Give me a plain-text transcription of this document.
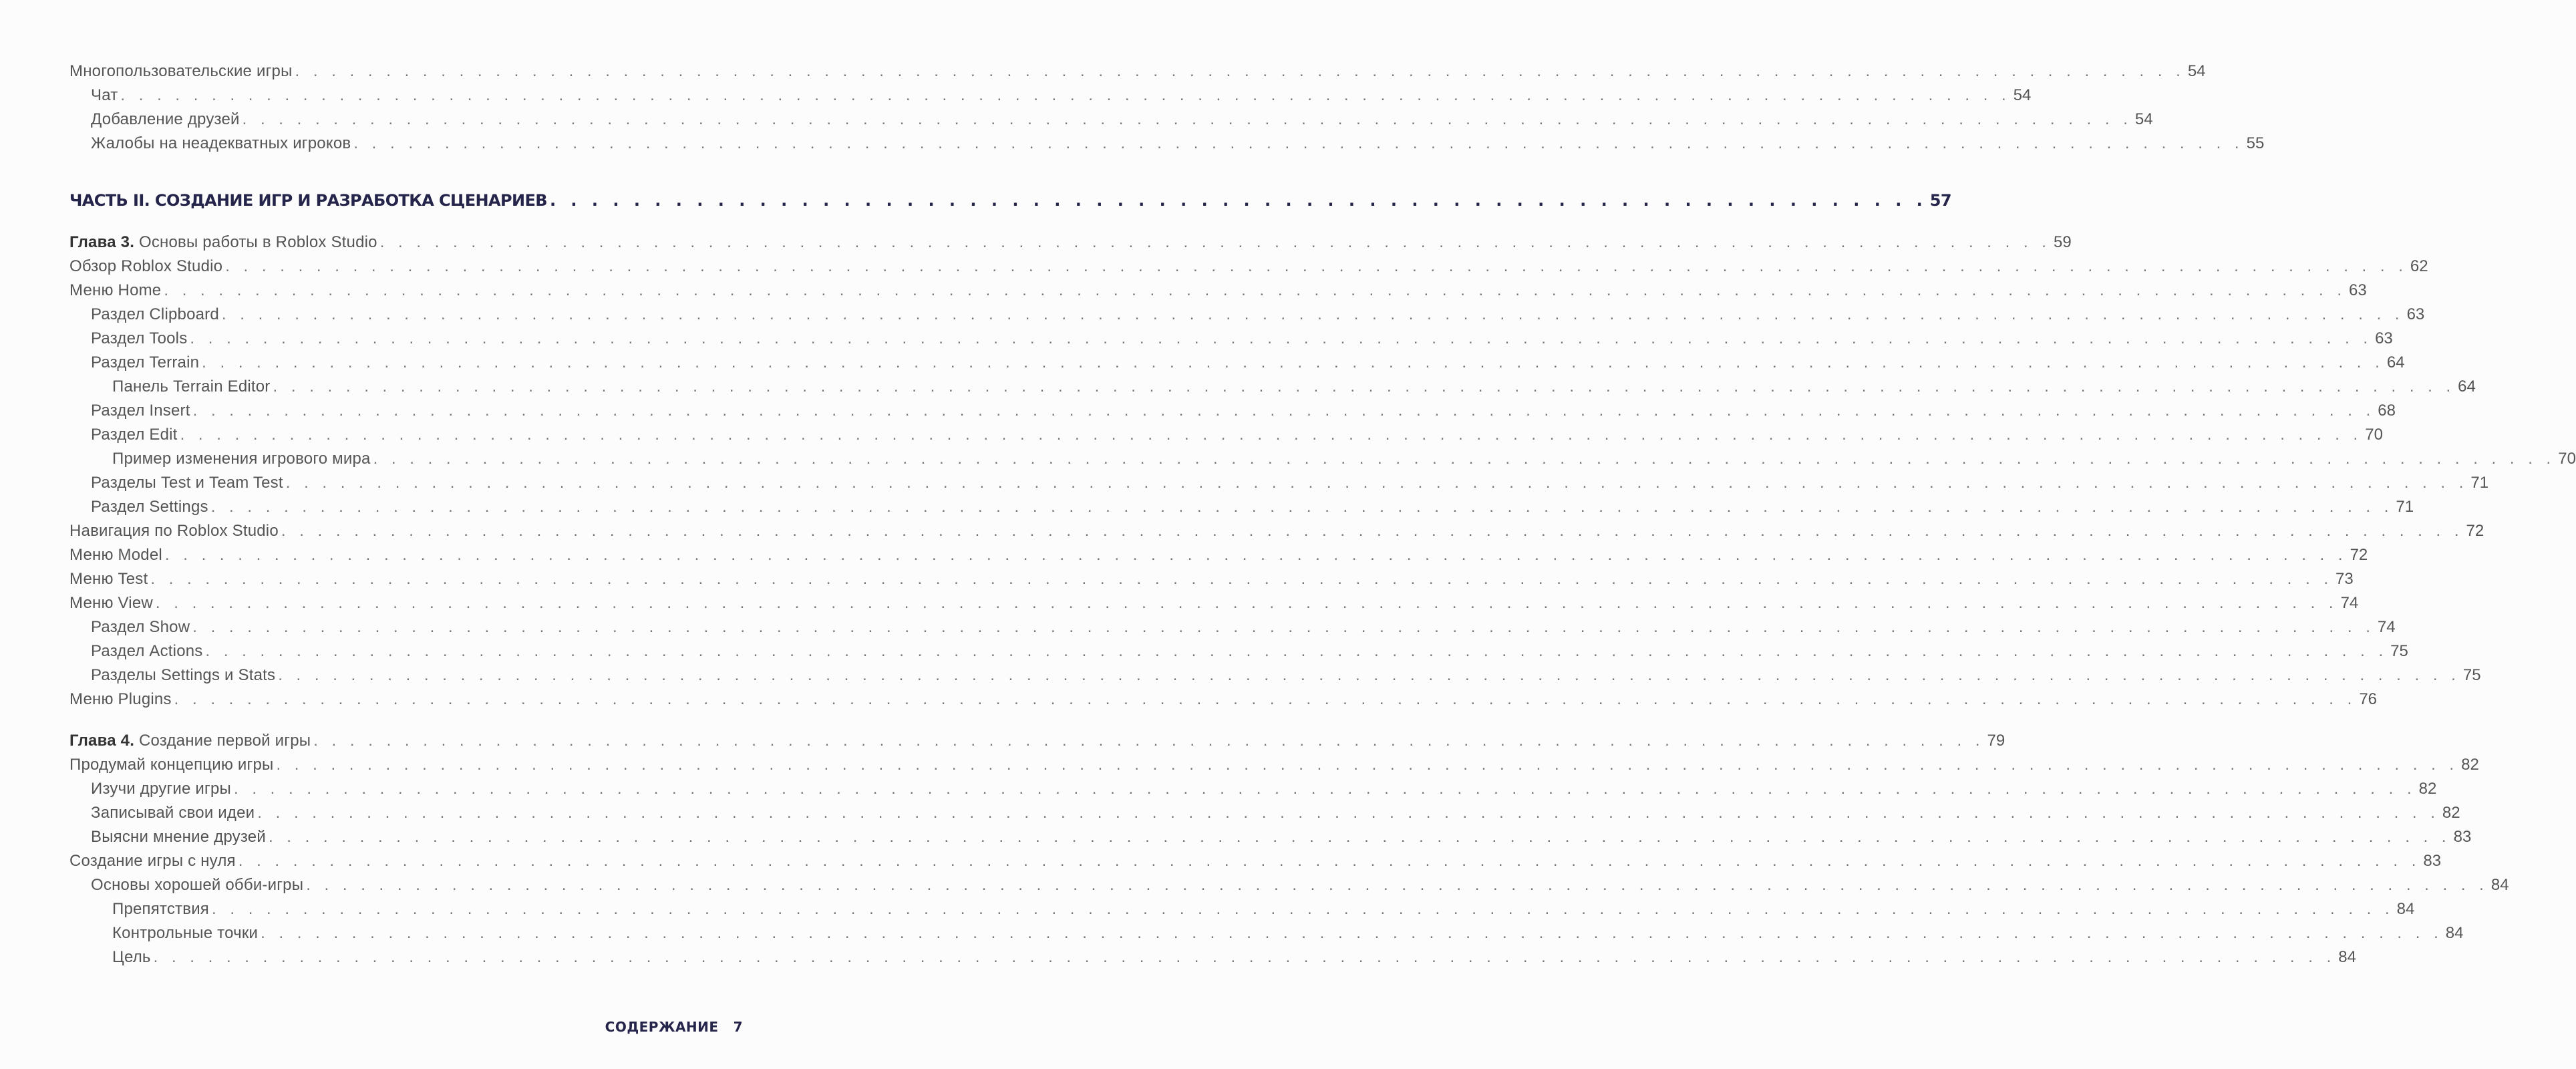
Многопользовательские игры . . . . . . . . . . . . . . . . . . . . . . . . . . . . . . . . . . . . . . . . . . . . . . . . . . . . . . . . . . . . . . . . . . . . . . . . . . . . . . . . . . . . . . . . . . . . . . . . . . . . . . . . 54
Чат . . . . . . . . . . . . . . . . . . . . . . . . . . . . . . . . . . . . . . . . . . . . . . . . . . . . . . . . . . . . . . . . . . . . . . . . . . . . . . . . . . . . . . . . . . . . . . . . . . . . . . . . 54
Добавление друзей . . . . . . . . . . . . . . . . . . . . . . . . . . . . . . . . . . . . . . . . . . . . . . . . . . . . . . . . . . . . . . . . . . . . . . . . . . . . . . . . . . . . . . . . . . . . . . . . . . . . . . . . 54
Жалобы на неадекватных игроков . . . . . . . . . . . . . . . . . . . . . . . . . . . . . . . . . . . . . . . . . . . . . . . . . . . . . . . . . . . . . . . . . . . . . . . . . . . . . . . . . . . . . . . . . . . . . . . . . . . . . . . . 55
ЧАСТЬ II. СОЗДАНИЕ ИГР И РАЗРАБОТКА СЦЕНАРИЕВ . . . . . . . . . . . . . . . . . . . . . . . . . . . . . . . . . . . . . . . . . . . . . . . . . . . . . . . . . . . . . . . . . . 57
Глава 3. Основы работы в Roblox Studio . . . . . . . . . . . . . . . . . . . . . . . . . . . . . . . . . . . . . . . . . . . . . . . . . . . . . . . . . . . . . . . . . . . . . . . . . . . . . . . . . . . . . . . . . . . . 59
Обзор Roblox Studio . . . . . . . . . . . . . . . . . . . . . . . . . . . . . . . . . . . . . . . . . . . . . . . . . . . . . . . . . . . . . . . . . . . . . . . . . . . . . . . . . . . . . . . . . . . . . . . . . . . . . . . . . . . . . . . . . . . . . . . . 62
Меню Home . . . . . . . . . . . . . . . . . . . . . . . . . . . . . . . . . . . . . . . . . . . . . . . . . . . . . . . . . . . . . . . . . . . . . . . . . . . . . . . . . . . . . . . . . . . . . . . . . . . . . . . . . . . . . . . . . . . . . . . . 63
Раздел Clipboard . . . . . . . . . . . . . . . . . . . . . . . . . . . . . . . . . . . . . . . . . . . . . . . . . . . . . . . . . . . . . . . . . . . . . . . . . . . . . . . . . . . . . . . . . . . . . . . . . . . . . . . . . . . . . . . . . . . . . . . . 63
Раздел Tools . . . . . . . . . . . . . . . . . . . . . . . . . . . . . . . . . . . . . . . . . . . . . . . . . . . . . . . . . . . . . . . . . . . . . . . . . . . . . . . . . . . . . . . . . . . . . . . . . . . . . . . . . . . . . . . . . . . . . . . . 63
Раздел Terrain . . . . . . . . . . . . . . . . . . . . . . . . . . . . . . . . . . . . . . . . . . . . . . . . . . . . . . . . . . . . . . . . . . . . . . . . . . . . . . . . . . . . . . . . . . . . . . . . . . . . . . . . . . . . . . . . . . . . . . . . 64
Панель Terrain Editor . . . . . . . . . . . . . . . . . . . . . . . . . . . . . . . . . . . . . . . . . . . . . . . . . . . . . . . . . . . . . . . . . . . . . . . . . . . . . . . . . . . . . . . . . . . . . . . . . . . . . . . . . . . . . . . . . . . . . . . . 64
Раздел Insert . . . . . . . . . . . . . . . . . . . . . . . . . . . . . . . . . . . . . . . . . . . . . . . . . . . . . . . . . . . . . . . . . . . . . . . . . . . . . . . . . . . . . . . . . . . . . . . . . . . . . . . . . . . . . . . . . . . . . . . . 68
Раздел Edit . . . . . . . . . . . . . . . . . . . . . . . . . . . . . . . . . . . . . . . . . . . . . . . . . . . . . . . . . . . . . . . . . . . . . . . . . . . . . . . . . . . . . . . . . . . . . . . . . . . . . . . . . . . . . . . . . . . . . . . . 70
Пример изменения игрового мира . . . . . . . . . . . . . . . . . . . . . . . . . . . . . . . . . . . . . . . . . . . . . . . . . . . . . . . . . . . . . . . . . . . . . . . . . . . . . . . . . . . . . . . . . . . . . . . . . . . . . . . . . . . . . . . . . . . . . . . . 70
Разделы Test и Team Test . . . . . . . . . . . . . . . . . . . . . . . . . . . . . . . . . . . . . . . . . . . . . . . . . . . . . . . . . . . . . . . . . . . . . . . . . . . . . . . . . . . . . . . . . . . . . . . . . . . . . . . . . . . . . . . . . . . . . . . . 71
Раздел Settings . . . . . . . . . . . . . . . . . . . . . . . . . . . . . . . . . . . . . . . . . . . . . . . . . . . . . . . . . . . . . . . . . . . . . . . . . . . . . . . . . . . . . . . . . . . . . . . . . . . . . . . . . . . . . . . . . . . . . . . . 71
Навигация по Roblox Studio . . . . . . . . . . . . . . . . . . . . . . . . . . . . . . . . . . . . . . . . . . . . . . . . . . . . . . . . . . . . . . . . . . . . . . . . . . . . . . . . . . . . . . . . . . . . . . . . . . . . . . . . . . . . . . . . . . . . . . . . 72
Меню Model . . . . . . . . . . . . . . . . . . . . . . . . . . . . . . . . . . . . . . . . . . . . . . . . . . . . . . . . . . . . . . . . . . . . . . . . . . . . . . . . . . . . . . . . . . . . . . . . . . . . . . . . . . . . . . . . . . . . . . . . 72
Меню Test . . . . . . . . . . . . . . . . . . . . . . . . . . . . . . . . . . . . . . . . . . . . . . . . . . . . . . . . . . . . . . . . . . . . . . . . . . . . . . . . . . . . . . . . . . . . . . . . . . . . . . . . . . . . . . . . . . . . . . . . 73
Меню View . . . . . . . . . . . . . . . . . . . . . . . . . . . . . . . . . . . . . . . . . . . . . . . . . . . . . . . . . . . . . . . . . . . . . . . . . . . . . . . . . . . . . . . . . . . . . . . . . . . . . . . . . . . . . . . . . . . . . . . . 74
Раздел Show . . . . . . . . . . . . . . . . . . . . . . . . . . . . . . . . . . . . . . . . . . . . . . . . . . . . . . . . . . . . . . . . . . . . . . . . . . . . . . . . . . . . . . . . . . . . . . . . . . . . . . . . . . . . . . . . . . . . . . . . 74
Раздел Actions . . . . . . . . . . . . . . . . . . . . . . . . . . . . . . . . . . . . . . . . . . . . . . . . . . . . . . . . . . . . . . . . . . . . . . . . . . . . . . . . . . . . . . . . . . . . . . . . . . . . . . . . . . . . . . . . . . . . . . . . 75
Разделы Settings и Stats . . . . . . . . . . . . . . . . . . . . . . . . . . . . . . . . . . . . . . . . . . . . . . . . . . . . . . . . . . . . . . . . . . . . . . . . . . . . . . . . . . . . . . . . . . . . . . . . . . . . . . . . . . . . . . . . . . . . . . . . 75
Меню Plugins . . . . . . . . . . . . . . . . . . . . . . . . . . . . . . . . . . . . . . . . . . . . . . . . . . . . . . . . . . . . . . . . . . . . . . . . . . . . . . . . . . . . . . . . . . . . . . . . . . . . . . . . . . . . . . . . . . . . . . . . 76
Глава 4. Создание первой игры . . . . . . . . . . . . . . . . . . . . . . . . . . . . . . . . . . . . . . . . . . . . . . . . . . . . . . . . . . . . . . . . . . . . . . . . . . . . . . . . . . . . . . . . . . . . 79
Продумай концепцию игры . . . . . . . . . . . . . . . . . . . . . . . . . . . . . . . . . . . . . . . . . . . . . . . . . . . . . . . . . . . . . . . . . . . . . . . . . . . . . . . . . . . . . . . . . . . . . . . . . . . . . . . . . . . . . . . . . . . . . . . . 82
Изучи другие игры . . . . . . . . . . . . . . . . . . . . . . . . . . . . . . . . . . . . . . . . . . . . . . . . . . . . . . . . . . . . . . . . . . . . . . . . . . . . . . . . . . . . . . . . . . . . . . . . . . . . . . . . . . . . . . . . . . . . . . . . 82
Записывай свои идеи . . . . . . . . . . . . . . . . . . . . . . . . . . . . . . . . . . . . . . . . . . . . . . . . . . . . . . . . . . . . . . . . . . . . . . . . . . . . . . . . . . . . . . . . . . . . . . . . . . . . . . . . . . . . . . . . . . . . . . . . 82
Выясни мнение друзей . . . . . . . . . . . . . . . . . . . . . . . . . . . . . . . . . . . . . . . . . . . . . . . . . . . . . . . . . . . . . . . . . . . . . . . . . . . . . . . . . . . . . . . . . . . . . . . . . . . . . . . . . . . . . . . . . . . . . . . . 83
Создание игры с нуля . . . . . . . . . . . . . . . . . . . . . . . . . . . . . . . . . . . . . . . . . . . . . . . . . . . . . . . . . . . . . . . . . . . . . . . . . . . . . . . . . . . . . . . . . . . . . . . . . . . . . . . . . . . . . . . . . . . . . . . . 83
Основы хорошей обби-игры . . . . . . . . . . . . . . . . . . . . . . . . . . . . . . . . . . . . . . . . . . . . . . . . . . . . . . . . . . . . . . . . . . . . . . . . . . . . . . . . . . . . . . . . . . . . . . . . . . . . . . . . . . . . . . . . . . . . . . . . 84
Препятствия . . . . . . . . . . . . . . . . . . . . . . . . . . . . . . . . . . . . . . . . . . . . . . . . . . . . . . . . . . . . . . . . . . . . . . . . . . . . . . . . . . . . . . . . . . . . . . . . . . . . . . . . . . . . . . . . . . . . . . . . 84
Контрольные точки . . . . . . . . . . . . . . . . . . . . . . . . . . . . . . . . . . . . . . . . . . . . . . . . . . . . . . . . . . . . . . . . . . . . . . . . . . . . . . . . . . . . . . . . . . . . . . . . . . . . . . . . . . . . . . . . . . . . . . . . 84
Цель . . . . . . . . . . . . . . . . . . . . . . . . . . . . . . . . . . . . . . . . . . . . . . . . . . . . . . . . . . . . . . . . . . . . . . . . . . . . . . . . . . . . . . . . . . . . . . . . . . . . . . . . . . . . . . . . . . . . . . . . 84
СОДЕРЖАНИЕ 7
